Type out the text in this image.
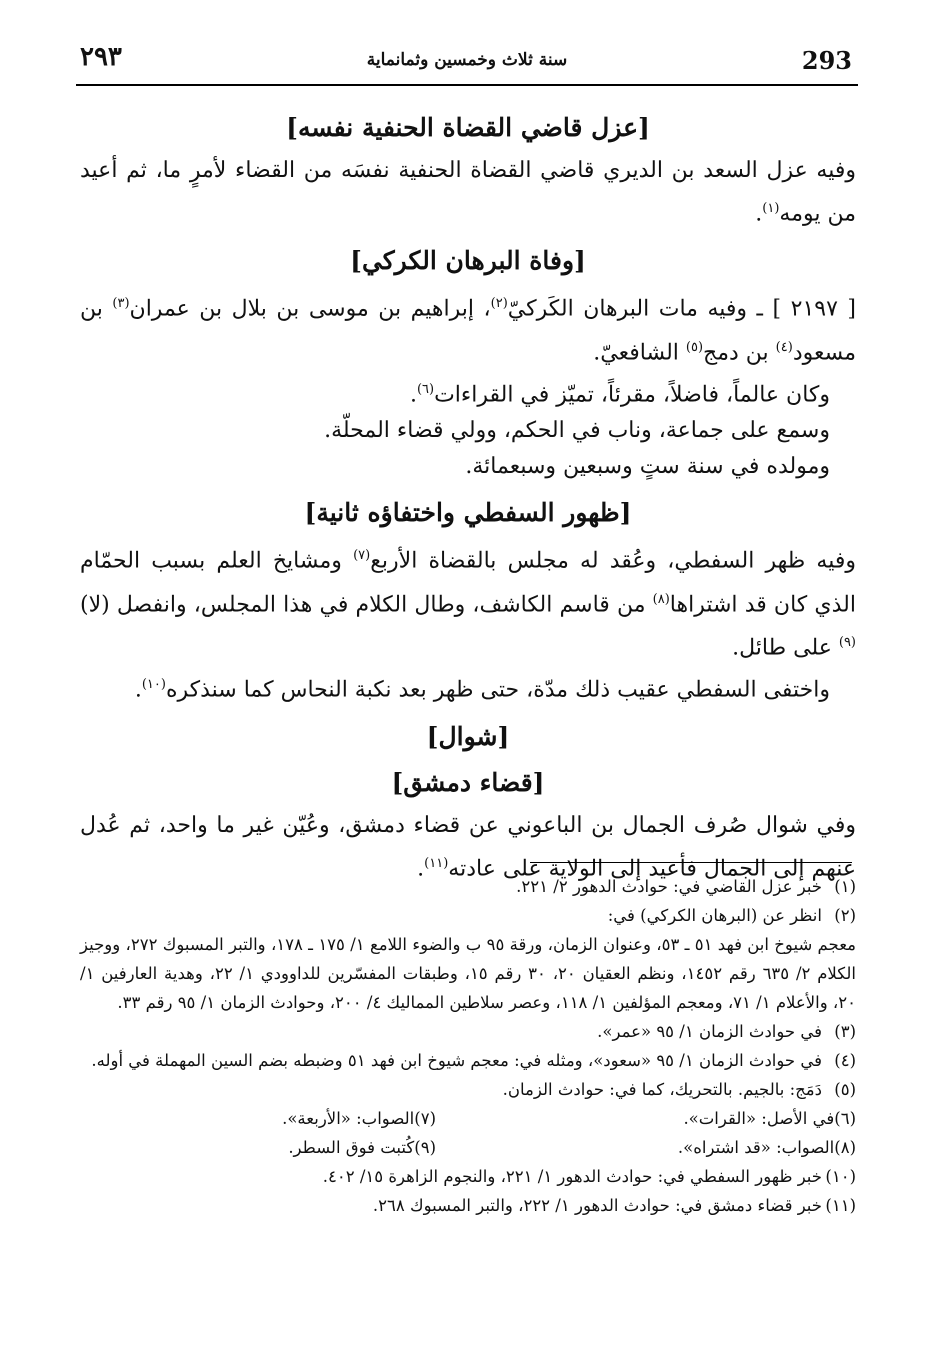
293
سنة ثلاث وخمسين وثمانماية
٢٩٣
[عزل قاضي القضاة الحنفية نفسه]

وفيه عزل السعد بن الديري قاضي القضاة الحنفية نفسَه من القضاء لأمرٍ ما، ثم أعيد من يومه$^{(١)}$.

[وفاة البرهان الكركي]

[ ٢١٩٧ ] ـ وفيه مات البرهان الكَركيّ$^{(٢)}$، إبراهيم بن موسى بن بلال بن عمران$^{(٣)}$ بن مسعود$^{(٤)}$ بن دمج$^{(٥)}$ الشافعيّ.

وكان عالماً، فاضلاً، مقرئاً، تميّز في القراءات$^{(٦)}$.

وسمع على جماعة، وناب في الحكم، وولي قضاء المحلّة.

ومولده في سنة ستٍ وسبعين وسبعمائة.

[ظهور السفطي واختفاؤه ثانية]

وفيه ظهر السفطي، وعُقد له مجلس بالقضاة الأربع$^{(٧)}$ ومشايخ العلم بسبب الحمّام الذي كان قد اشتراها$^{(٨)}$ من قاسم الكاشف، وطال الكلام في هذا المجلس، وانفصل (لا)$^{(٩)}$ على طائل.

واختفى السفطي عقيب ذلك مدّة، حتى ظهر بعد نكبة النحاس كما سنذكره$^{(١٠)}$.

[شوال]
[قضاء دمشق]

وفي شوال صُرف الجمال بن الباعوني عن قضاء دمشق، وعُيّن غير ما واحد، ثم عُدل عنهم إلى الجمال فأعيد إلى الولاية على عادته$^{(١١)}$.

(١)خبر عزل القاضي في: حوادث الدهور ٢/ ٢٢١.

(٢)انظر عن (البرهان الكركي) في:

معجم شيوخ ابن فهد ٥١ ـ ٥٣، وعنوان الزمان، ورقة ٩٥ ب والضوء اللامع ١/ ١٧٥ ـ ١٧٨، والتبر المسبوك ٢٧٢، ووجيز الكلام ٢/ ٦٣٥ رقم ١٤٥٢، ونظم العقيان ٢٠، ٣٠ رقم ١٥، وطبقات المفسّرين للداوودي ١/ ٢٢، وهدية العارفين ١/ ٢٠، والأعلام ١/ ٧١، ومعجم المؤلفين ١/ ١١٨، وعصر سلاطين المماليك ٤/ ٢٠٠، وحوادث الزمان ١/ ٩٥ رقم ٣٣.

(٣)في حوادث الزمان ١/ ٩٥ «عمر».

(٤)في حوادث الزمان ١/ ٩٥ «سعود»، ومثله في: معجم شيوخ ابن فهد ٥١ وضبطه بضم السين المهملة في أوله.

(٥)دَمَج: بالجيم. بالتحريك، كما في: حوادث الزمان.

(٦)في الأصل: «القرات».
(٧)الصواب: «الأربعة».
(٨)الصواب: «قد اشتراه».
(٩)كُتبت فوق السطر.

(١٠)خبر ظهور السفطي في: حوادث الدهور ١/ ٢٢١، والنجوم الزاهرة ١٥/ ٤٠٢.

(١١)خبر قضاء دمشق في: حوادث الدهور ١/ ٢٢٢، والتبر المسبوك ٢٦٨.
